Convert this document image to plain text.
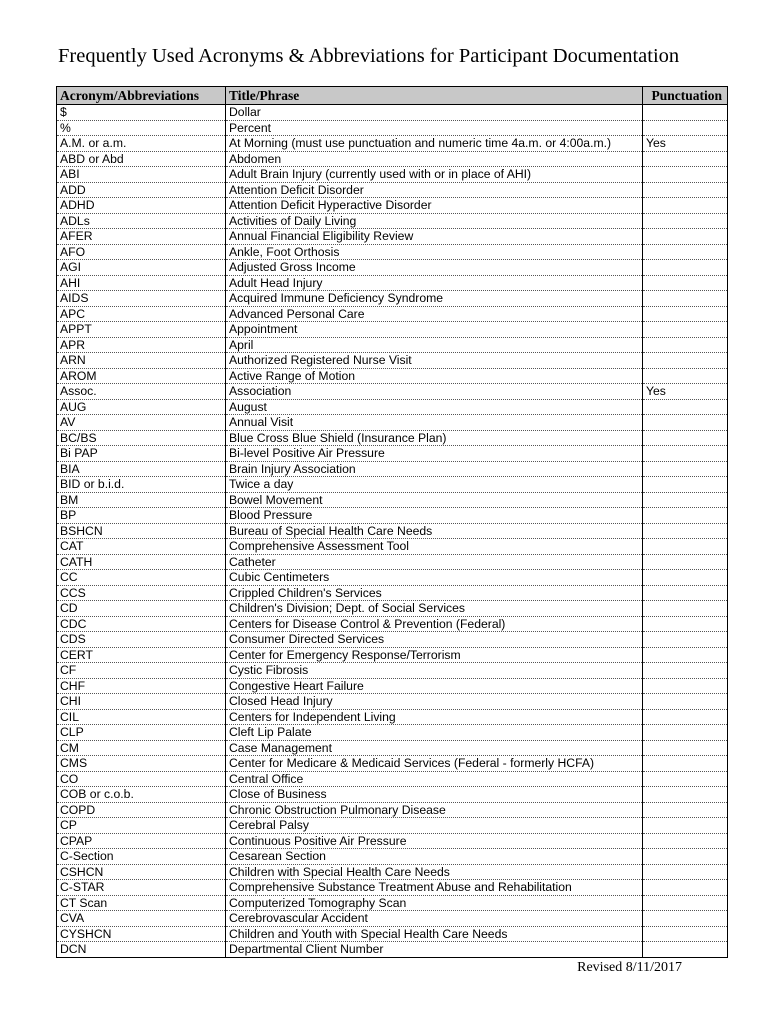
Frequently Used Acronyms & Abbreviations for Participant Documentation
Acronym/Abbreviations	Title/Phrase	Punctuation
$	Dollar	
%	Percent	
A.M. or a.m.	At Morning (must use punctuation and numeric time 4a.m. or 4:00a.m.)	Yes
ABD or Abd	Abdomen	
ABI	Adult Brain Injury (currently used with or in place of AHI)	
ADD	Attention Deficit Disorder	
ADHD	Attention Deficit Hyperactive Disorder	
ADLs	Activities of Daily Living	
AFER	Annual Financial Eligibility Review	
AFO	Ankle, Foot Orthosis	
AGI	Adjusted Gross Income	
AHI	Adult Head Injury	
AIDS	Acquired Immune Deficiency Syndrome	
APC	Advanced Personal Care	
APPT	Appointment	
APR	April	
ARN	Authorized Registered Nurse Visit	
AROM	Active Range of Motion	
Assoc.	Association	Yes
AUG	August	
AV	Annual Visit	
BC/BS	Blue Cross Blue Shield (Insurance Plan)	
Bi PAP	Bi-level Positive Air Pressure	
BIA	Brain Injury Association	
BID or b.i.d.	Twice a day	
BM	Bowel Movement	
BP	Blood Pressure	
BSHCN	Bureau of Special Health Care Needs	
CAT	Comprehensive Assessment Tool	
CATH	Catheter	
CC	Cubic Centimeters	
CCS	Crippled Children's Services	
CD	Children's Division; Dept. of Social Services	
CDC	Centers for Disease Control & Prevention (Federal)	
CDS	Consumer Directed Services	
CERT	Center for Emergency Response/Terrorism	
CF	Cystic Fibrosis	
CHF	Congestive Heart Failure	
CHI	Closed Head Injury	
CIL	Centers for Independent Living	
CLP	Cleft Lip Palate	
CM	Case Management	
CMS	Center for Medicare & Medicaid Services (Federal - formerly HCFA)	
CO	Central Office	
COB or c.o.b.	Close of Business	
COPD	Chronic Obstruction Pulmonary Disease	
CP	Cerebral Palsy	
CPAP	Continuous Positive Air Pressure	
C-Section	Cesarean Section	
CSHCN	Children with Special Health Care Needs	
C-STAR	Comprehensive Substance Treatment Abuse and Rehabilitation	
CT Scan	Computerized Tomography Scan	
CVA	Cerebrovascular Accident	
CYSHCN	Children and Youth with Special Health Care Needs	
DCN	Departmental Client Number	
Revised 8/11/2017
